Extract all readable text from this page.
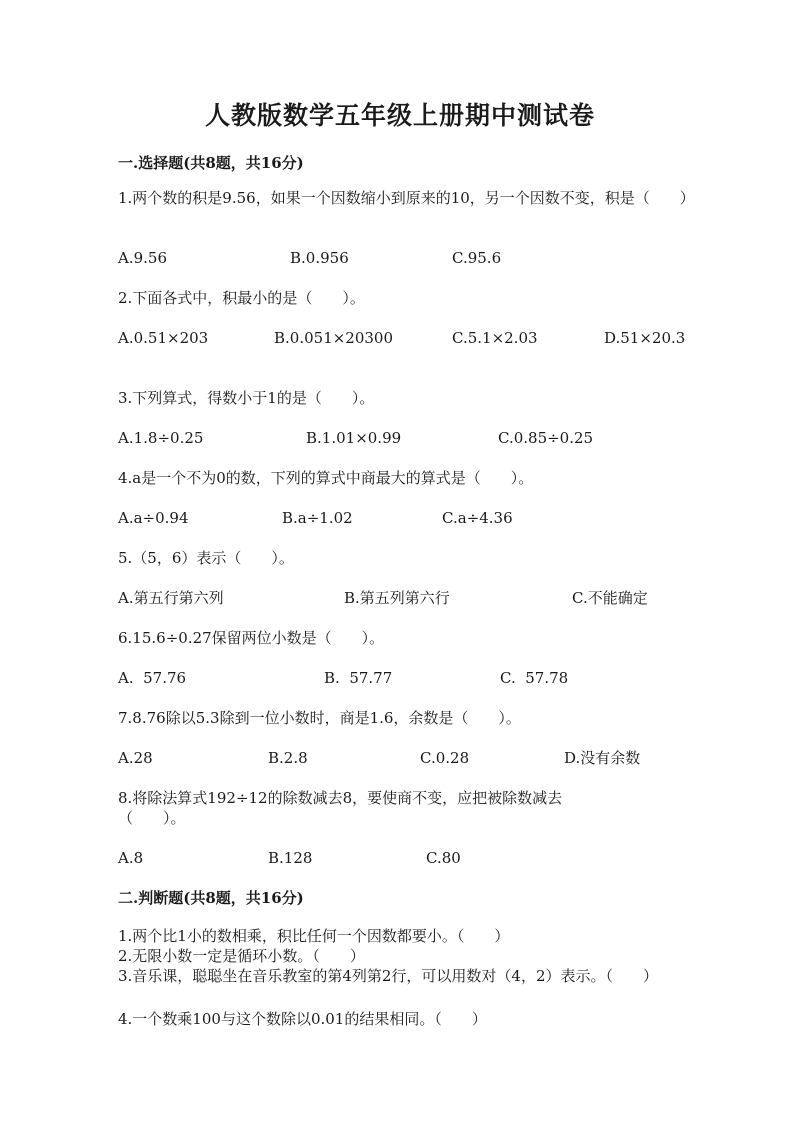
人教版数学五年级上册期中测试卷
一.选择题(共8题，共16分)
1.两个数的积是9.56，如果一个因数缩小到原来的10，另一个因数不变，积是（　　）
A.9.56	B.0.956	C.95.6
2.下面各式中，积最小的是（　　）。
A.0.51×203	B.0.051×20300	C.5.1×2.03	D.51×20.3
3.下列算式，得数小于1的是（　　）。
A.1.8÷0.25	B.1.01×0.99	C.0.85÷0.25
4.a是一个不为0的数，下列的算式中商最大的算式是（　　）。
A.a÷0.94	B.a÷1.02	C.a÷4.36
5.（5，6）表示（　　）。
A.第五行第六列	B.第五列第六行	C.不能确定
6.15.6÷0.27保留两位小数是（　　）。
A.  57.76	B.  57.77	C.  57.78
7.8.76除以5.3除到一位小数时，商是1.6，余数是（　　）。
A.28	B.2.8	C.0.28	D.没有余数
8.将除法算式192÷12的除数减去8，要使商不变，应把被除数减去（　　）。
A.8	B.128	C.80
二.判断题(共8题，共16分)
1.两个比1小的数相乘，积比任何一个因数都要小。（　　）
2.无限小数一定是循环小数。（　　）
3.音乐课，聪聪坐在音乐教室的第4列第2行，可以用数对（4，2）表示。（　　）
4.一个数乘100与这个数除以0.01的结果相同。（　　）
